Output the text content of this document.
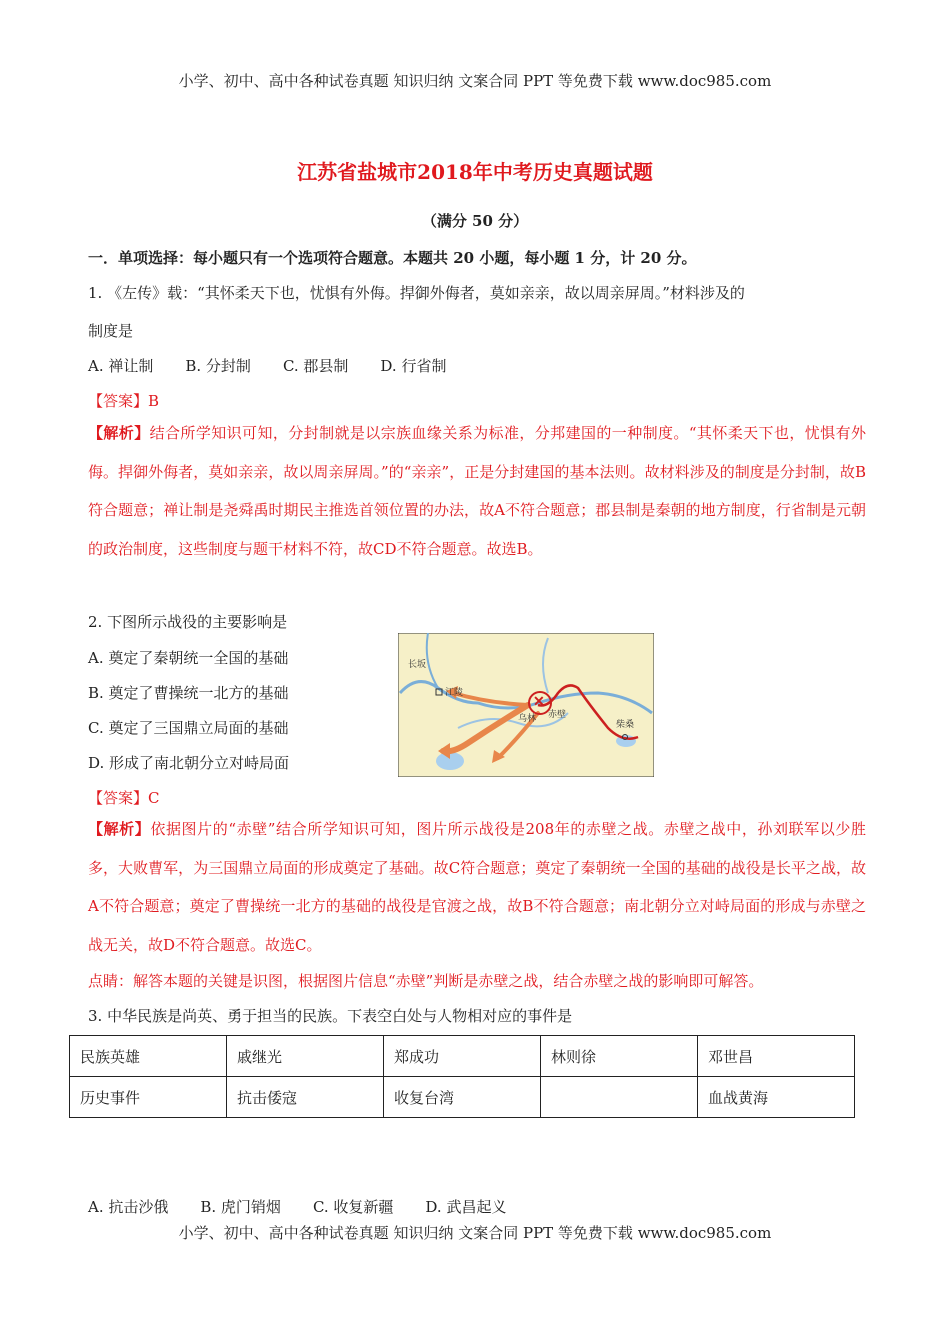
小学、初中、高中各种试卷真题 知识归纳 文案合同 PPT 等免费下载 www.doc985.com
江苏省盐城市2018年中考历史真题试题
（满分 50 分）
一．单项选择：每小题只有一个选项符合题意。本题共 20 小题，每小题 1 分，计 20 分。
1. 《左传》载：“其怀柔天下也，忧惧有外侮。捍御外侮者，莫如亲亲，故以周亲屏周。”材料涉及的
制度是
A. 禅让制 B. 分封制 C. 郡县制 D. 行省制
【答案】B
【解析】结合所学知识可知，分封制就是以宗族血缘关系为标准，分邦建国的一种制度。“其怀柔天下也，忧惧有外侮。捍御外侮者，莫如亲亲，故以周亲屏周。”的“亲亲”，正是分封建国的基本法则。故材料涉及的制度是分封制，故B符合题意；禅让制是尧舜禹时期民主推选首领位置的办法，故A不符合题意；郡县制是秦朝的地方制度，行省制是元朝的政治制度，这些制度与题干材料不符，故CD不符合题意。故选B。
2. 下图所示战役的主要影响是
A. 奠定了秦朝统一全国的基础
B. 奠定了曹操统一北方的基础
C. 奠定了三国鼎立局面的基础
D. 形成了南北朝分立对峙局面
✕
长坂
江陵
乌林 赤壁
柴桑
【答案】C
【解析】依据图片的“赤壁”结合所学知识可知，图片所示战役是208年的赤壁之战。赤壁之战中，孙刘联军以少胜多，大败曹军，为三国鼎立局面的形成奠定了基础。故C符合题意；奠定了秦朝统一全国的基础的战役是长平之战，故A不符合题意；奠定了曹操统一北方的基础的战役是官渡之战，故B不符合题意；南北朝分立对峙局面的形成与赤壁之战无关，故D不符合题意。故选C。
点睛：解答本题的关键是识图，根据图片信息“赤壁”判断是赤壁之战，结合赤壁之战的影响即可解答。
3. 中华民族是尚英、勇于担当的民族。下表空白处与人物相对应的事件是
民族英雄	戚继光	郑成功	林则徐	邓世昌
历史事件	抗击倭寇	收复台湾		血战黄海
A. 抗击沙俄 B. 虎门销烟 C. 收复新疆 D. 武昌起义
小学、初中、高中各种试卷真题 知识归纳 文案合同 PPT 等免费下载 www.doc985.com
